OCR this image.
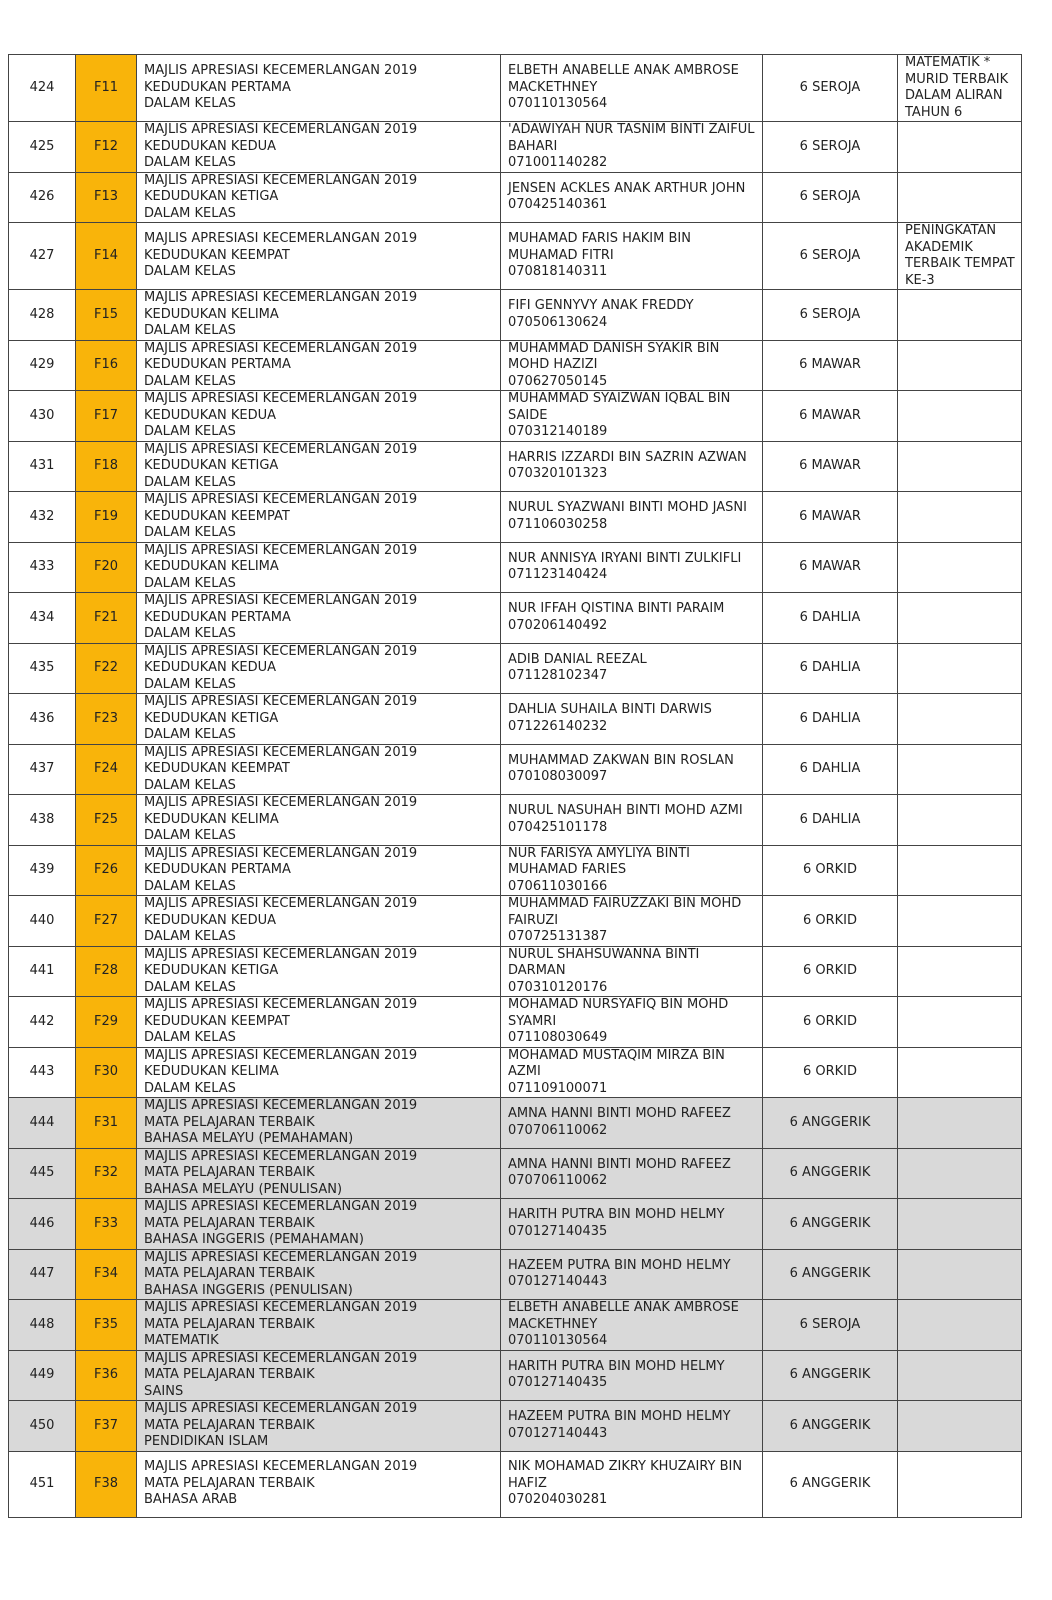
424	F11	MAJLIS APRESIASI KECEMERLANGAN 2019
KEDUDUKAN PERTAMA
DALAM KELAS	ELBETH ANABELLE ANAK AMBROSE
MACKETHNEY
070110130564	6 SEROJA	MATEMATIK *
MURID TERBAIK
DALAM ALIRAN
TAHUN 6

425	F12	MAJLIS APRESIASI KECEMERLANGAN 2019
KEDUDUKAN KEDUA
DALAM KELAS	'ADAWIYAH NUR TASNIM BINTI ZAIFUL
BAHARI
071001140282	6 SEROJA	
426	F13	MAJLIS APRESIASI KECEMERLANGAN 2019
KEDUDUKAN KETIGA
DALAM KELAS	JENSEN ACKLES ANAK ARTHUR JOHN
070425140361	6 SEROJA	
427	F14	MAJLIS APRESIASI KECEMERLANGAN 2019
KEDUDUKAN KEEMPAT
DALAM KELAS	MUHAMAD FARIS HAKIM BIN
MUHAMAD FITRI
070818140311	6 SEROJA	PENINGKATAN
AKADEMIK
TERBAIK TEMPAT
KE-3

428	F15	MAJLIS APRESIASI KECEMERLANGAN 2019
KEDUDUKAN KELIMA
DALAM KELAS	FIFI GENNYVY ANAK FREDDY
070506130624	6 SEROJA	
429	F16	MAJLIS APRESIASI KECEMERLANGAN 2019
KEDUDUKAN PERTAMA
DALAM KELAS	MUHAMMAD DANISH SYAKIR BIN
MOHD HAZIZI
070627050145	6 MAWAR	
430	F17	MAJLIS APRESIASI KECEMERLANGAN 2019
KEDUDUKAN KEDUA
DALAM KELAS	MUHAMMAD SYAIZWAN IQBAL BIN
SAIDE
070312140189	6 MAWAR	
431	F18	MAJLIS APRESIASI KECEMERLANGAN 2019
KEDUDUKAN KETIGA
DALAM KELAS	HARRIS IZZARDI BIN SAZRIN AZWAN
070320101323	6 MAWAR	
432	F19	MAJLIS APRESIASI KECEMERLANGAN 2019
KEDUDUKAN KEEMPAT
DALAM KELAS	NURUL SYAZWANI BINTI MOHD JASNI
071106030258	6 MAWAR	
433	F20	MAJLIS APRESIASI KECEMERLANGAN 2019
KEDUDUKAN KELIMA
DALAM KELAS	NUR ANNISYA IRYANI BINTI ZULKIFLI
071123140424	6 MAWAR	
434	F21	MAJLIS APRESIASI KECEMERLANGAN 2019
KEDUDUKAN PERTAMA
DALAM KELAS	NUR IFFAH QISTINA BINTI PARAIM
070206140492	6 DAHLIA	
435	F22	MAJLIS APRESIASI KECEMERLANGAN 2019
KEDUDUKAN KEDUA
DALAM KELAS	ADIB DANIAL REEZAL
071128102347	6 DAHLIA	
436	F23	MAJLIS APRESIASI KECEMERLANGAN 2019
KEDUDUKAN KETIGA
DALAM KELAS	DAHLIA SUHAILA BINTI DARWIS
071226140232	6 DAHLIA	
437	F24	MAJLIS APRESIASI KECEMERLANGAN 2019
KEDUDUKAN KEEMPAT
DALAM KELAS	MUHAMMAD ZAKWAN BIN ROSLAN
070108030097	6 DAHLIA	
438	F25	MAJLIS APRESIASI KECEMERLANGAN 2019
KEDUDUKAN KELIMA
DALAM KELAS	NURUL NASUHAH BINTI MOHD AZMI
070425101178	6 DAHLIA	
439	F26	MAJLIS APRESIASI KECEMERLANGAN 2019
KEDUDUKAN PERTAMA
DALAM KELAS	NUR FARISYA AMYLIYA BINTI
MUHAMAD FARIES
070611030166	6 ORKID	
440	F27	MAJLIS APRESIASI KECEMERLANGAN 2019
KEDUDUKAN KEDUA
DALAM KELAS	MUHAMMAD FAIRUZZAKI BIN MOHD
FAIRUZI
070725131387	6 ORKID	
441	F28	MAJLIS APRESIASI KECEMERLANGAN 2019
KEDUDUKAN KETIGA
DALAM KELAS	NURUL SHAHSUWANNA BINTI
DARMAN
070310120176	6 ORKID	
442	F29	MAJLIS APRESIASI KECEMERLANGAN 2019
KEDUDUKAN KEEMPAT
DALAM KELAS	MOHAMAD NURSYAFIQ BIN MOHD
SYAMRI
071108030649	6 ORKID	
443	F30	MAJLIS APRESIASI KECEMERLANGAN 2019
KEDUDUKAN KELIMA
DALAM KELAS	MOHAMAD MUSTAQIM MIRZA BIN
AZMI
071109100071	6 ORKID	
444	F31	MAJLIS APRESIASI KECEMERLANGAN 2019
MATA PELAJARAN TERBAIK
BAHASA MELAYU (PEMAHAMAN)	AMNA HANNI BINTI MOHD RAFEEZ
070706110062	6 ANGGERIK	
445	F32	MAJLIS APRESIASI KECEMERLANGAN 2019
MATA PELAJARAN TERBAIK
BAHASA MELAYU (PENULISAN)	AMNA HANNI BINTI MOHD RAFEEZ
070706110062	6 ANGGERIK	
446	F33	MAJLIS APRESIASI KECEMERLANGAN 2019
MATA PELAJARAN TERBAIK
BAHASA INGGERIS (PEMAHAMAN)	HARITH PUTRA BIN MOHD HELMY
070127140435	6 ANGGERIK	
447	F34	MAJLIS APRESIASI KECEMERLANGAN 2019
MATA PELAJARAN TERBAIK
BAHASA INGGERIS (PENULISAN)	HAZEEM PUTRA BIN MOHD HELMY
070127140443	6 ANGGERIK	
448	F35	MAJLIS APRESIASI KECEMERLANGAN 2019
MATA PELAJARAN TERBAIK
MATEMATIK	ELBETH ANABELLE ANAK AMBROSE
MACKETHNEY
070110130564	6 SEROJA	
449	F36	MAJLIS APRESIASI KECEMERLANGAN 2019
MATA PELAJARAN TERBAIK
SAINS	HARITH PUTRA BIN MOHD HELMY
070127140435	6 ANGGERIK	
450	F37	MAJLIS APRESIASI KECEMERLANGAN 2019
MATA PELAJARAN TERBAIK
PENDIDIKAN ISLAM	HAZEEM PUTRA BIN MOHD HELMY
070127140443	6 ANGGERIK	
451	F38	MAJLIS APRESIASI KECEMERLANGAN 2019
MATA PELAJARAN TERBAIK
BAHASA ARAB	NIK MOHAMAD ZIKRY KHUZAIRY BIN
HAFIZ
070204030281	6 ANGGERIK	
